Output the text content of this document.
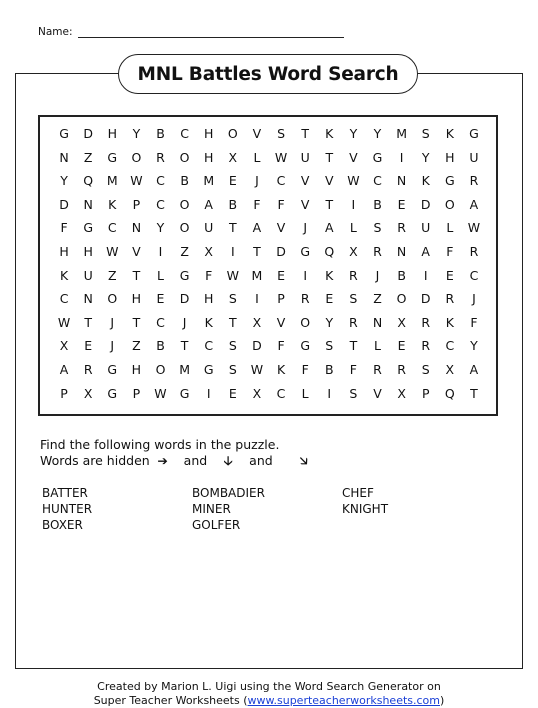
Name:
MNL Battles Word Search
G	D	H	Y	B	C	H	O	V	S	T	K	Y	Y	M	S	K	G
N	Z	G	O	R	O	H	X	L	W	U	T	V	G	I	Y	H	U
Y	Q	M	W	C	B	M	E	J	C	V	V	W	C	N	K	G	R
D	N	K	P	C	O	A	B	F	F	V	T	I	B	E	D	O	A
F	G	C	N	Y	O	U	T	A	V	J	A	L	S	R	U	L	W
H	H	W	V	I	Z	X	I	T	D	G	Q	X	R	N	A	F	R
K	U	Z	T	L	G	F	W	M	E	I	K	R	J	B	I	E	C
C	N	O	H	E	D	H	S	I	P	R	E	S	Z	O	D	R	J
W	T	J	T	C	J	K	T	X	V	O	Y	R	N	X	R	K	F
X	E	J	Z	B	T	C	S	D	F	G	S	T	L	E	R	C	Y
A	R	G	H	O	M	G	S	W	K	F	B	F	R	R	S	X	A
P	X	G	P	W	G	I	E	X	C	L	I	S	V	X	P	Q	T
Find the following words in the puzzle.
Words are hidden ➔ and 🡣 and 🡦
BATTER	BOMBADIER	CHEF
HUNTER	MINER	KNIGHT
BOXER	GOLFER
Created by Marion L. Uigi using the Word Search Generator on
Super Teacher Worksheets (www.superteacherworksheets.com)
